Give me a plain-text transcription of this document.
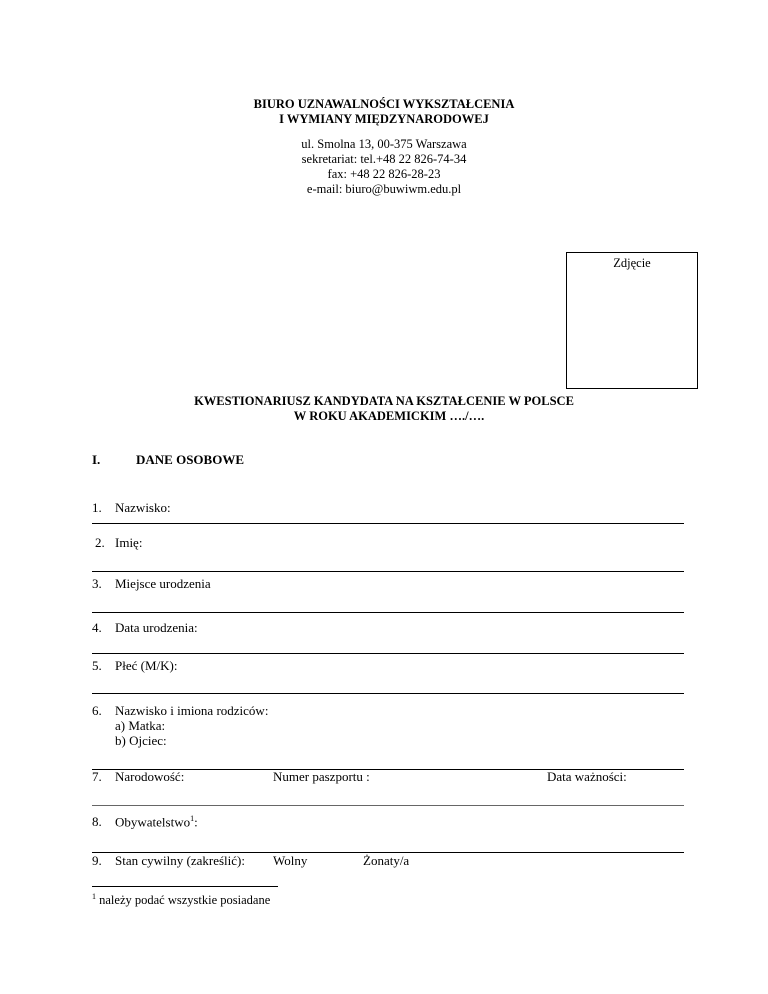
BIURO UZNAWALNOŚCI WYKSZTAŁCENIA
I WYMIANY MIĘDZYNARODOWEJ
ul. Smolna 13, 00-375 Warszawa
sekretariat: tel.+48 22 826-74-34
fax: +48 22 826-28-23
e-mail: biuro@buwiwm.edu.pl
Zdjęcie
KWESTIONARIUSZ KANDYDATA NA KSZTAŁCENIE W POLSCE
W ROKU AKADEMICKIM …./….
I.	DANE OSOBOWE
1. Nazwisko:
2. Imię:
3. Miejsce urodzenia
4. Data urodzenia:
5. Płeć (M/K):
6. Nazwisko i imiona rodziców:
a) Matka:
b) Ojciec:
7. Narodowość:	Numer paszportu :	Data ważności:
8. Obywatelstwo$^1$:
9. Stan cywilny (zakreślić): Wolny	Żonaty/a
$^1$ należy podać wszystkie posiadane
